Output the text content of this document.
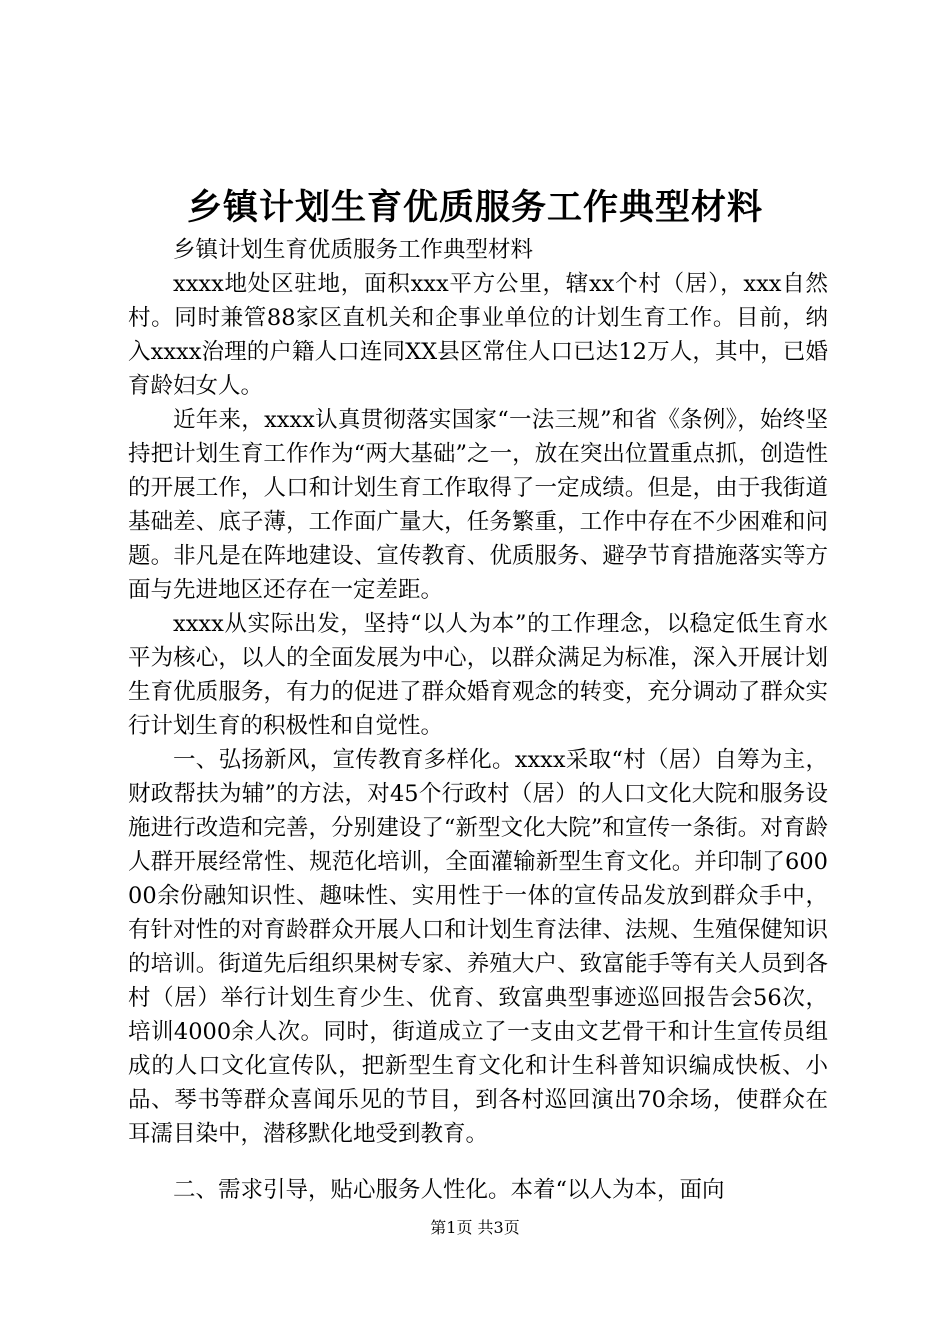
乡镇计划生育优质服务工作典型材料

乡镇计划生育优质服务工作典型材料

xxxx地处区驻地，面积xxx平方公里，辖xx个村（居），xxx自然村。同时兼管88家区直机关和企事业单位的计划生育工作。目前，纳入xxxx治理的户籍人口连同XX县区常住人口已达12万人，其中，已婚育龄妇女人。

近年来，xxxx认真贯彻落实国家“一法三规”和省《条例》，始终坚持把计划生育工作作为“两大基础”之一，放在突出位置重点抓，创造性的开展工作，人口和计划生育工作取得了一定成绩。但是，由于我街道基础差、底子薄，工作面广量大，任务繁重，工作中存在不少困难和问题。非凡是在阵地建设、宣传教育、优质服务、避孕节育措施落实等方面与先进地区还存在一定差距。

xxxx从实际出发，坚持“以人为本”的工作理念，以稳定低生育水平为核心，以人的全面发展为中心，以群众满足为标准，深入开展计划生育优质服务，有力的促进了群众婚育观念的转变，充分调动了群众实行计划生育的积极性和自觉性。

一、弘扬新风，宣传教育多样化。xxxx采取“村（居）自筹为主，财政帮扶为辅”的方法，对45个行政村（居）的人口文化大院和服务设施进行改造和完善，分别建设了“新型文化大院”和宣传一条街。对育龄人群开展经常性、规范化培训，全面灌输新型生育文化。并印制了60000余份融知识性、趣味性、实用性于一体的宣传品发放到群众手中，有针对性的对育龄群众开展人口和计划生育法律、法规、生殖保健知识的培训。街道先后组织果树专家、养殖大户、致富能手等有关人员到各村（居）举行计划生育少生、优育、致富典型事迹巡回报告会56次，培训4000余人次。同时，街道成立了一支由文艺骨干和计生宣传员组成的人口文化宣传队，把新型生育文化和计生科普知识编成快板、小品、琴书等群众喜闻乐见的节目，到各村巡回演出70余场，使群众在耳濡目染中，潜移默化地受到教育。

二、需求引导，贴心服务人性化。本着“以人为本，面向

第1页 共3页
